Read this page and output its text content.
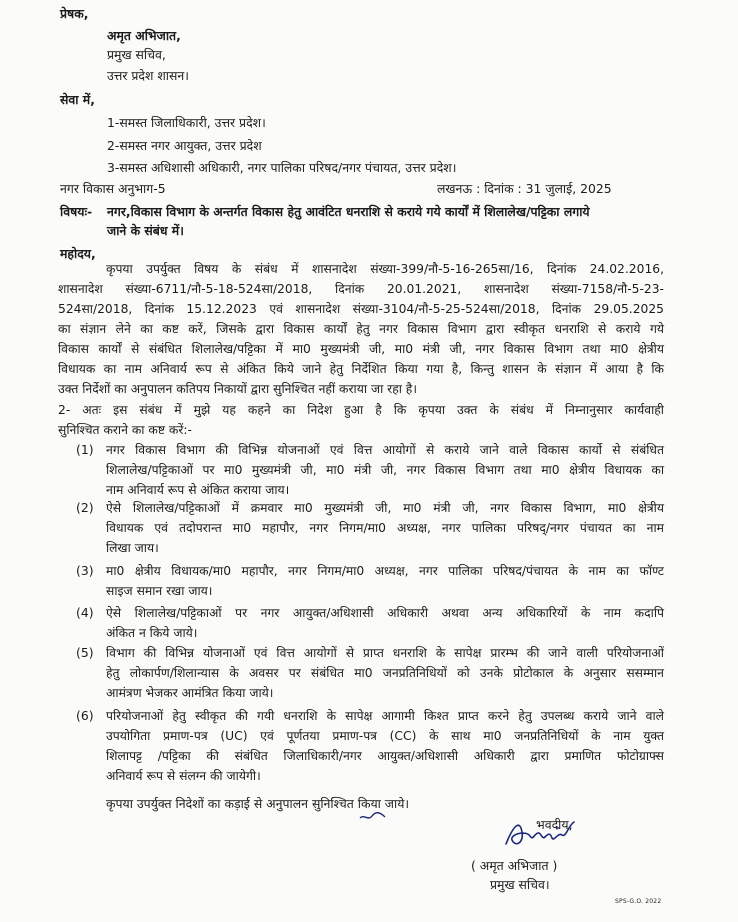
प्रेषक,
अमृत अभिजात,
प्रमुख सचिव,
उत्तर प्रदेश शासन।
सेवा में,
1-समस्त जिलाधिकारी, उत्तर प्रदेश।
2-समस्त नगर आयुक्त, उत्तर प्रदेश
3-समस्त अधिशासी अधिकारी, नगर पालिका परिषद/नगर पंचायत, उत्तर प्रदेश।
नगर विकास अनुभाग-5	लखनऊ : दिनांक : 31 जुलाई, 2025
विषयः- नगर,विकास विभाग के अन्तर्गत विकास हेतु आवंटित धनराशि से कराये गये कार्यों में शिलालेख/पट्टिका लगाये
जाने के संबंध में।
महोदय,
कृपया उपर्युक्त विषय के संबंध में शासनादेश संख्या-399/नौ-5-16-265सा/16, दिनांक 24.02.2016,
शासनादेश संख्या-6711/नौ-5-18-524सा/2018, दिनांक 20.01.2021, शासनादेश संख्या-7158/नौ-5-23-
524सा/2018, दिनांक 15.12.2023 एवं शासनादेश संख्या-3104/नौ-5-25-524सा/2018, दिनांक 29.05.2025
का संज्ञान लेने का कष्ट करें, जिसके द्वारा विकास कार्यों हेतु नगर विकास विभाग द्वारा स्वीकृत धनराशि से कराये गये
विकास कार्यों से संबंधित शिलालेख/पट्टिका में मा0 मुख्यमंत्री जी, मा0 मंत्री जी, नगर विकास विभाग तथा मा0 क्षेत्रीय
विधायक का नाम अनिवार्य रूप से अंकित किये जाने हेतु निर्देशित किया गया है, किन्तु शासन के संज्ञान में आया है कि
उक्त निर्देशों का अनुपालन कतिपय निकायों द्वारा सुनिश्चित नहीं कराया जा रहा है।
2- अतः इस संबंध में मुझे यह कहने का निदेश हुआ है कि कृपया उक्त के संबंध में निम्नानुसार कार्यवाही
सुनिश्चित कराने का कष्ट करें:-
(1) नगर विकास विभाग की विभिन्न योजनाओं एवं वित्त आयोगों से कराये जाने वाले विकास कार्यो से संबंधित
शिलालेख/पट्टिकाओं पर मा0 मुख्यमंत्री जी, मा0 मंत्री जी, नगर विकास विभाग तथा मा0 क्षेत्रीय विधायक का
नाम अनिवार्य रूप से अंकित कराया जाय।
(2) ऐसे शिलालेख/पट्टिकाओं में क्रमवार मा0 मुख्यमंत्री जी, मा0 मंत्री जी, नगर विकास विभाग, मा0 क्षेत्रीय
विधायक एवं तदोपरान्त मा0 महापौर, नगर निगम/मा0 अध्यक्ष, नगर पालिका परिषद्/नगर पंचायत का नाम
लिखा जाय।
(3) मा0 क्षेत्रीय विधायक/मा0 महापौर, नगर निगम/मा0 अध्यक्ष, नगर पालिका परिषद/पंचायत के नाम का फॉण्ट
साइज समान रखा जाय।
(4) ऐसे शिलालेख/पट्टिकाओं पर नगर आयुक्त/अधिशासी अधिकारी अथवा अन्य अधिकारियों के नाम कदापि
अंकित न किये जाये।
(5) विभाग की विभिन्न योजनाओं एवं वित्त आयोगों से प्राप्त धनराशि के सापेक्ष प्रारम्भ की जाने वाली परियोजनाओं
हेतु लोकार्पण/शिलान्यास के अवसर पर संबंधित मा0 जनप्रतिनिधियों को उनके प्रोटोकाल के अनुसार ससम्मान
आमंत्रण भेजकर आमंत्रित किया जाये।
(6) परियोजनाओं हेतु स्वीकृत की गयी धनराशि के सापेक्ष आगामी किश्त प्राप्त करने हेतु उपलब्ध कराये जाने वाले
उपयोगिता प्रमाण-पत्र (UC) एवं पूर्णतया प्रमाण-पत्र (CC) के साथ मा0 जनप्रतिनिधियों के नाम युक्त
शिलापट्ट /पट्टिका की संबंधित जिलाधिकारी/नगर आयुक्त/अधिशासी अधिकारी द्वारा प्रमाणित फोटोग्राफ्स
अनिवार्य रूप से संलग्न की जायेगी।
कृपया उपर्युक्त निदेशों का कड़ाई से अनुपालन सुनिश्चित किया जाये।
भवदीय,
( अमृत अभिजात )
प्रमुख सचिव।
SPS-G.O. 2022
